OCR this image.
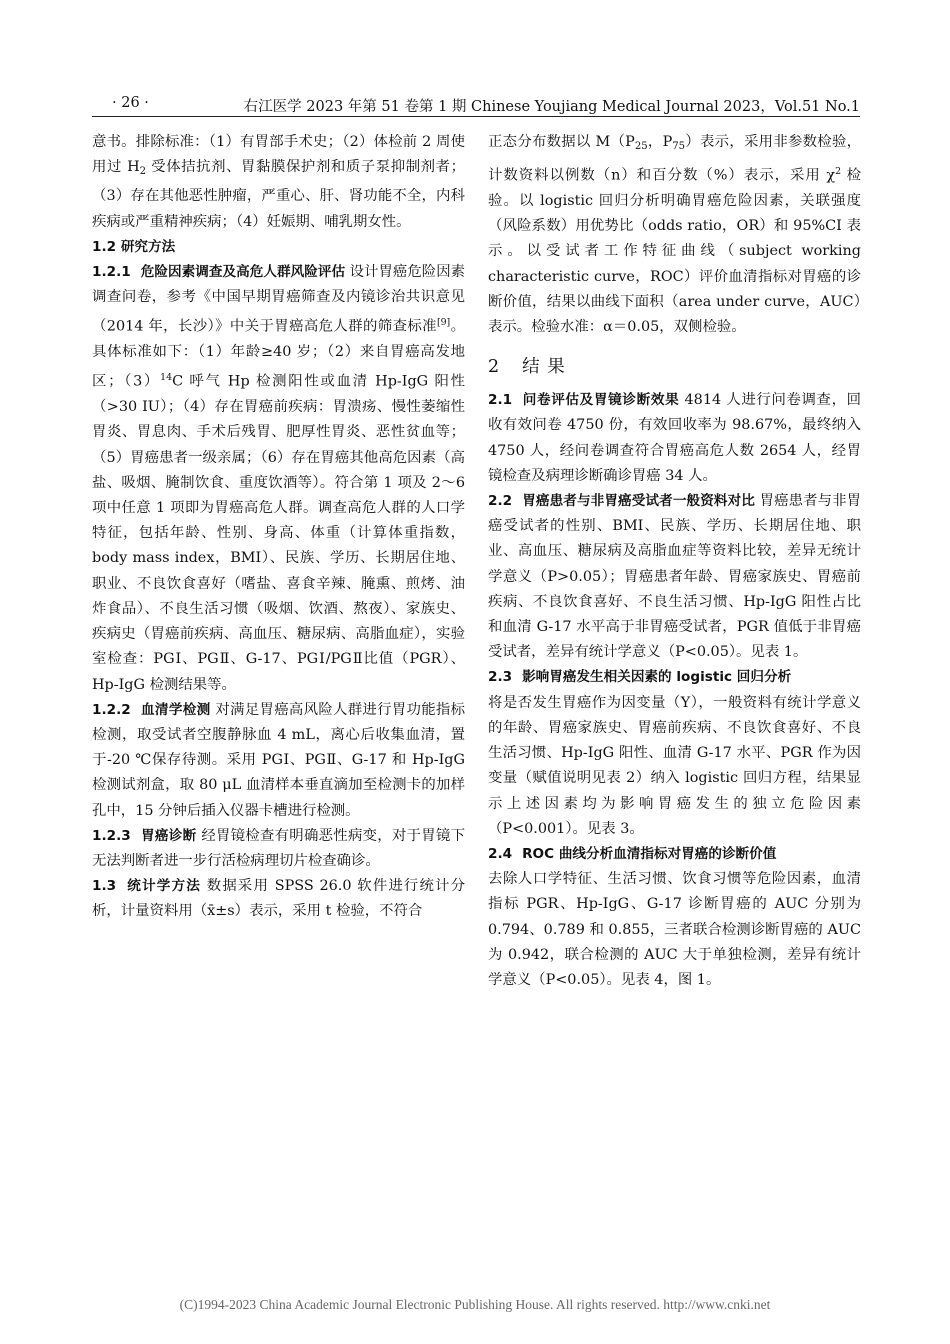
· 26 ·	右江医学 2023 年第 51 卷第 1 期 Chinese Youjiang Medical Journal 2023，Vol.51 No.1

意书。排除标准：（1）有胃部手术史；（2）体检前 2 周使用过 $H_2$ 受体拮抗剂、胃黏膜保护剂和质子泵抑制剂者；（3）存在其他恶性肿瘤，严重心、肝、肾功能不全，内科疾病或严重精神疾病；（4）妊娠期、哺乳期女性。

1.2 研究方法

1.2.1 危险因素调查及高危人群风险评估 设计胃癌危险因素调查问卷，参考《中国早期胃癌筛查及内镜诊治共识意见（2014 年，长沙）》中关于胃癌高危人群的筛查标准[9]。具体标准如下：（1）年龄≥40 岁；（2）来自胃癌高发地区；$(3)^{14}C$ 呼气 Hp 检测阳性或血清 Hp-IgG 阳性（>30 IU）；（4）存在胃癌前疾病：胃溃疡、慢性萎缩性胃炎、胃息肉、手术后残胃、肥厚性胃炎、恶性贫血等；（5）胃癌患者一级亲属；（6）存在胃癌其他高危因素（高盐、吸烟、腌制饮食、重度饮酒等）。符合第 1 项及 2～6 项中任意 1 项即为胃癌高危人群。调查高危人群的人口学特征，包括年龄、性别、身高、体重（计算体重指数，body mass index，BMI）、民族、学历、长期居住地、职业、不良饮食喜好（嗜盐、喜食辛辣、腌熏、煎烤、油炸食品）、不良生活习惯（吸烟、饮酒、熬夜）、家族史、疾病史（胃癌前疾病、高血压、糖尿病、高脂血症），实验室检查：PGⅠ、PGⅡ、G-17、PGⅠ/PGⅡ比值（PGR）、Hp-IgG 检测结果等。

1.2.2 血清学检测 对满足胃癌高风险人群进行胃功能指标检测，取受试者空腹静脉血 4 mL，离心后收集血清，置于-20 ℃保存待测。采用 PGⅠ、PGⅡ、G-17 和 Hp-IgG 检测试剂盒，取 80 μL 血清样本垂直滴加至检测卡的加样孔中，15 分钟后插入仪器卡槽进行检测。

1.2.3 胃癌诊断 经胃镜检查有明确恶性病变，对于胃镜下无法判断者进一步行活检病理切片检查确诊。

1.3 统计学方法 数据采用 SPSS 26.0 软件进行统计分析，计量资料用（x̄±s）表示，采用 t 检验，不符合

正态分布数据以 $M(P_{25}$，$P_{75}$）表示，采用非参数检验，计数资料以例数（n）和百分数（%）表示，采用 $\chi^2$ 检验。以 logistic 回归分析明确胃癌危险因素，关联强度（风险系数）用优势比（odds ratio，OR）和 95%CI 表示。以受试者工作特征曲线（subject working characteristic curve，ROC）评价血清指标对胃癌的诊断价值，结果以曲线下面积（area under curve，AUC）表示。检验水准：α＝0.05，双侧检验。

2 结 果

2.1 问卷评估及胃镜诊断效果 4814 人进行问卷调查，回收有效问卷 4750 份，有效回收率为 98.67%，最终纳入 4750 人，经问卷调查符合胃癌高危人数 2654 人，经胃镜检查及病理诊断确诊胃癌 34 人。

2.2 胃癌患者与非胃癌受试者一般资料对比 胃癌患者与非胃癌受试者的性别、BMI、民族、学历、长期居住地、职业、高血压、糖尿病及高脂血症等资料比较，差异无统计学意义（P>0.05）；胃癌患者年龄、胃癌家族史、胃癌前疾病、不良饮食喜好、不良生活习惯、Hp-IgG 阳性占比和血清 G-17 水平高于非胃癌受试者，PGR 值低于非胃癌受试者，差异有统计学意义（P<0.05）。见表 1。

2.3 影响胃癌发生相关因素的 logistic 回归分析

将是否发生胃癌作为因变量（Y），一般资料有统计学意义的年龄、胃癌家族史、胃癌前疾病、不良饮食喜好、不良生活习惯、Hp-IgG 阳性、血清 G-17 水平、PGR 作为因变量（赋值说明见表 2）纳入 logistic 回归方程，结果显示上述因素均为影响胃癌发生的独立危险因素（P<0.001）。见表 3。

2.4 ROC 曲线分析血清指标对胃癌的诊断价值

去除人口学特征、生活习惯、饮食习惯等危险因素，血清指标 PGR、Hp-IgG、G-17 诊断胃癌的 AUC 分别为 0.794、0.789 和 0.855，三者联合检测诊断胃癌的 AUC 为 0.942，联合检测的 AUC 大于单独检测，差异有统计学意义（P<0.05）。见表 4，图 1。

(C)1994-2023 China Academic Journal Electronic Publishing House. All rights reserved. http://www.cnki.net
